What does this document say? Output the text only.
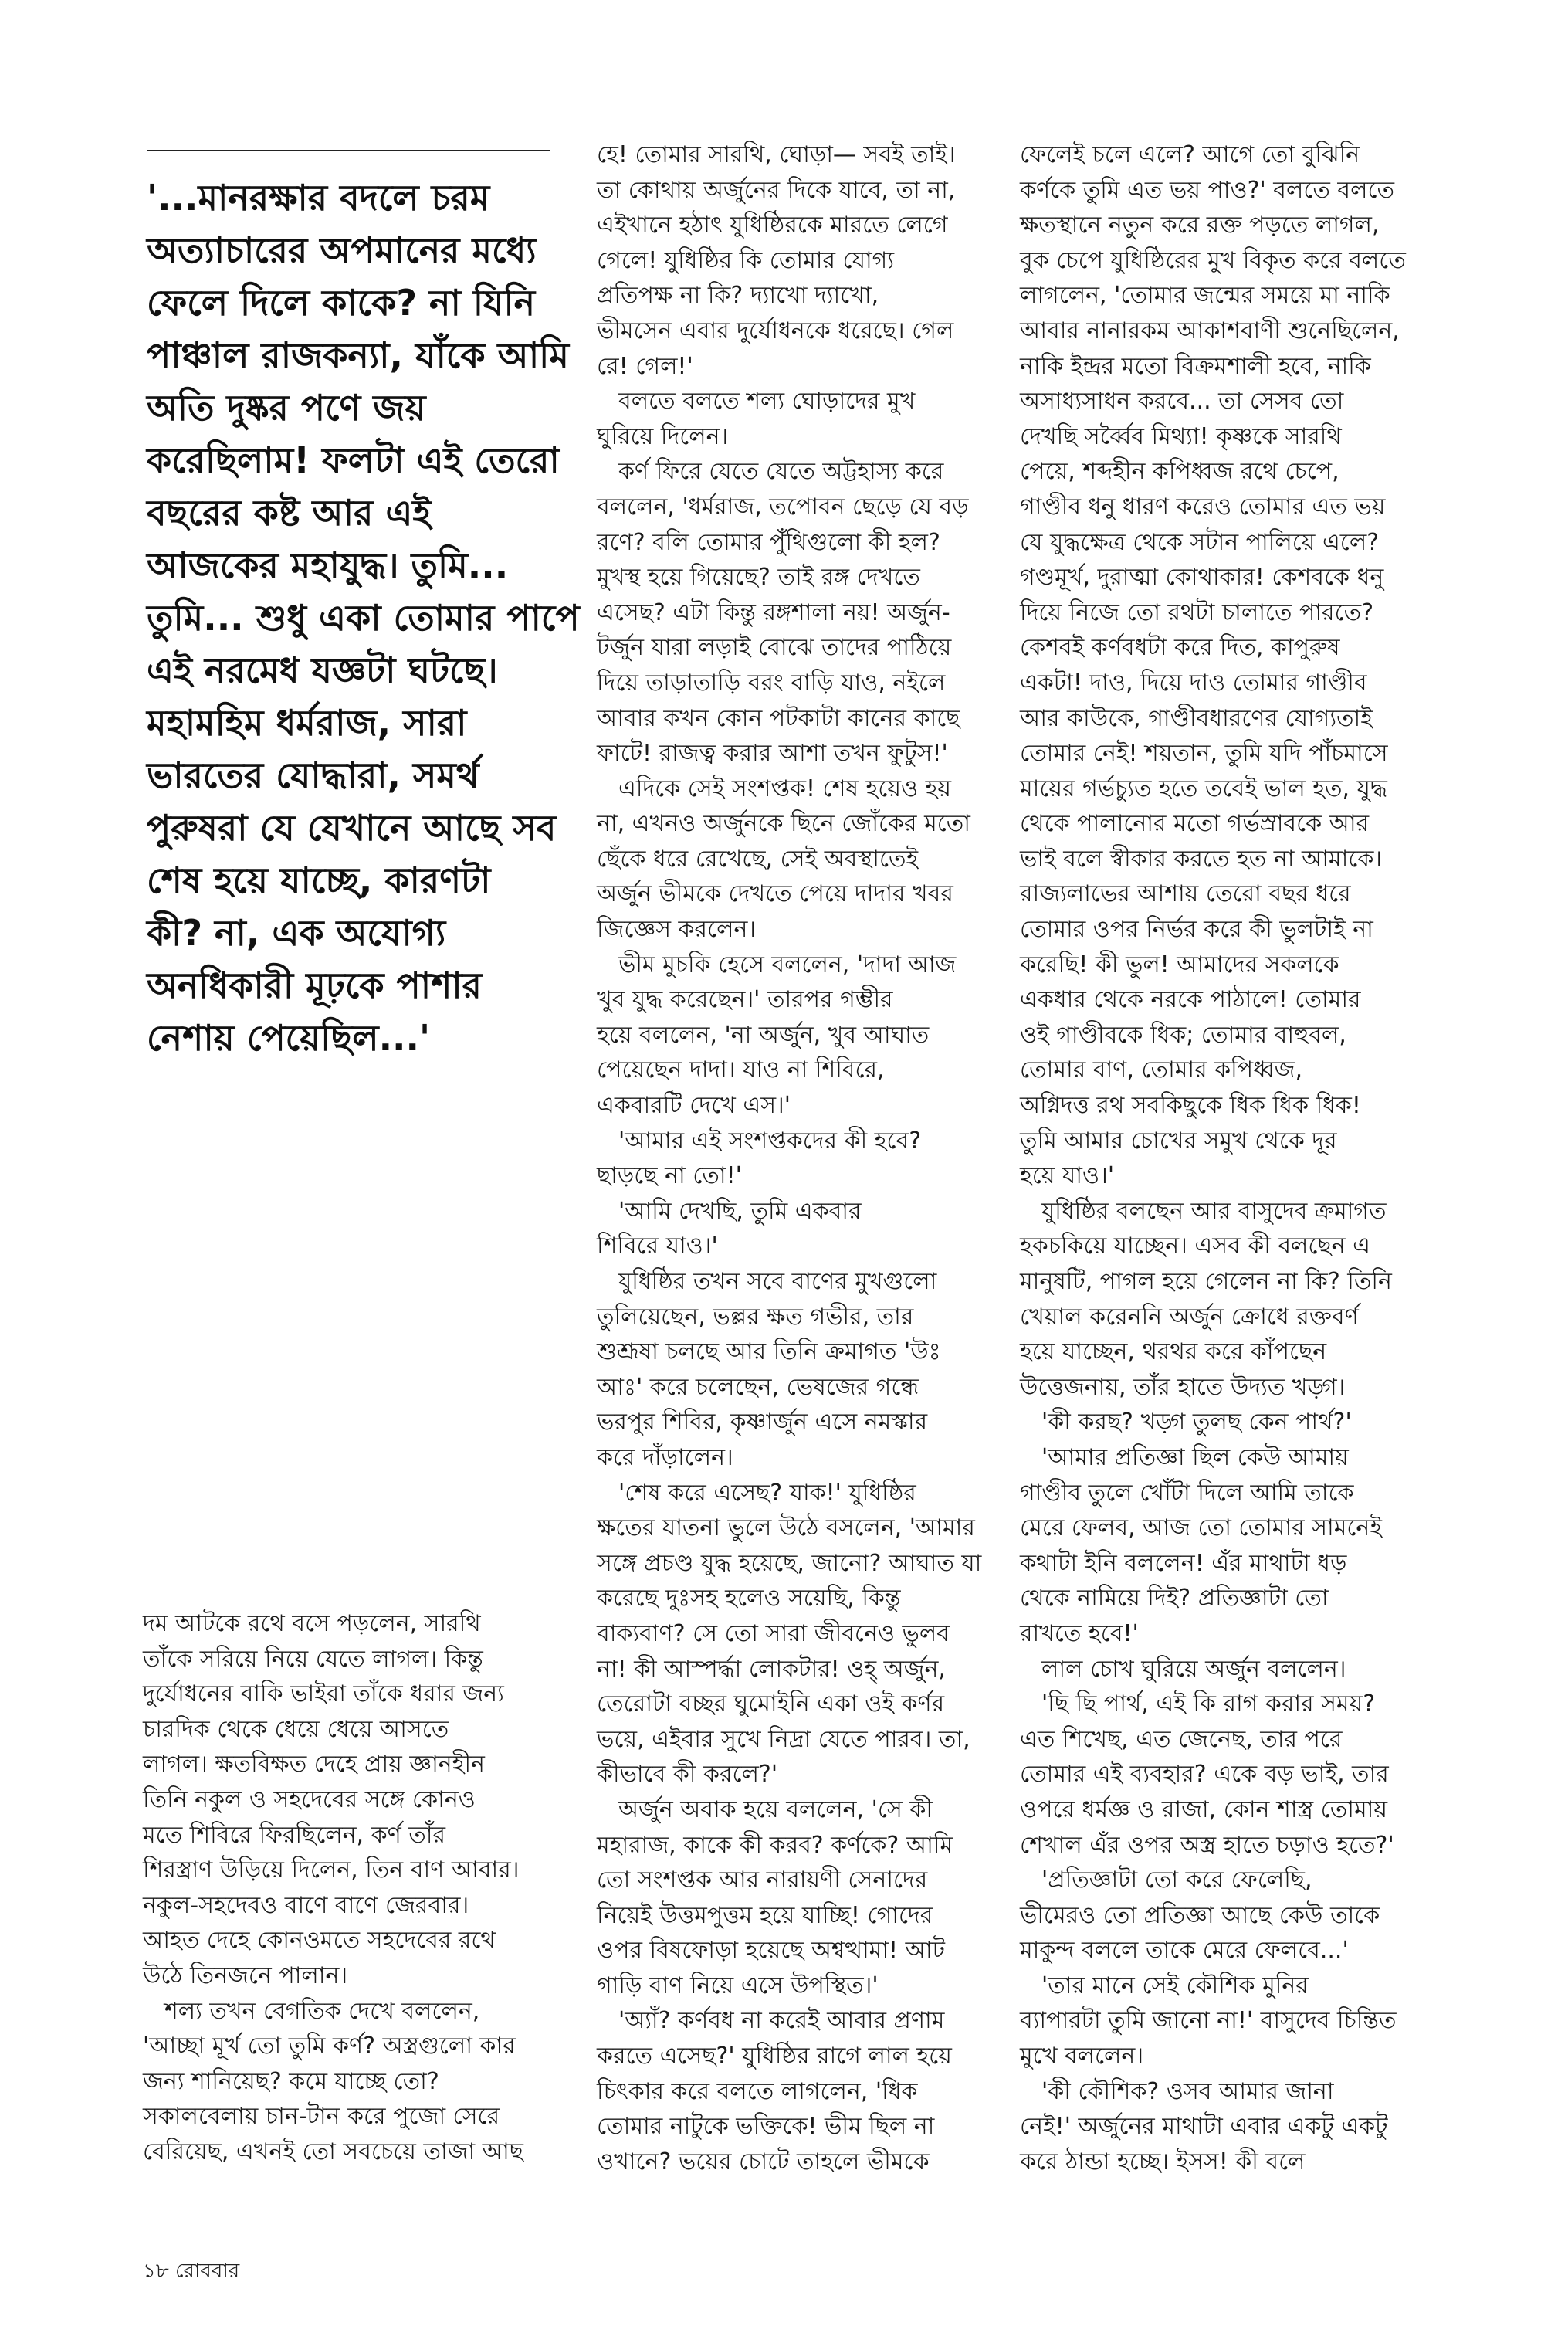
'...মানরক্ষার বদলে চরম
অত্যাচারের অপমানের মধ্যে
ফেলে দিলে কাকে? না যিনি
পাঞ্চাল রাজকন্যা, যাঁকে আমি
অতি দুষ্কর পণে জয়
করেছিলাম! ফলটা এই তেরো
বছরের কষ্ট আর এই
আজকের মহাযুদ্ধ। তুমি...
তুমি... শুধু একা তোমার পাপে
এই নরমেধ যজ্ঞটা ঘটছে।
মহামহিম ধর্মরাজ, সারা
ভারতের যোদ্ধারা, সমর্থ
পুরুষরা যে যেখানে আছে সব
শেষ হয়ে যাচ্ছে, কারণটা
কী? না, এক অযোগ্য
অনধিকারী মূঢ়কে পাশার
নেশায় পেয়েছিল...'
দম আটকে রথে বসে পড়লেন, সারথি
তাঁকে সরিয়ে নিয়ে যেতে লাগল। কিন্তু
দুর্যোধনের বাকি ভাইরা তাঁকে ধরার জন্য
চারদিক থেকে ধেয়ে ধেয়ে আসতে
লাগল। ক্ষতবিক্ষত দেহে প্রায় জ্ঞানহীন
তিনি নকুল ও সহদেবের সঙ্গে কোনও
মতে শিবিরে ফিরছিলেন, কর্ণ তাঁর
শিরস্ত্রাণ উড়িয়ে দিলেন, তিন বাণ আবার।
নকুল-সহদেবও বাণে বাণে জেরবার।
আহত দেহে কোনওমতে সহদেবের রথে
উঠে তিনজনে পালান।
শল্য তখন বেগতিক দেখে বললেন,
'আচ্ছা মূর্খ তো তুমি কর্ণ? অস্ত্রগুলো কার
জন্য শানিয়েছ? কমে যাচ্ছে তো?
সকালবেলায় চান-টান করে পুজো সেরে
বেরিয়েছ, এখনই তো সবচেয়ে তাজা আছ
হে! তোমার সারথি, ঘোড়া— সবই তাই।
তা কোথায় অর্জুনের দিকে যাবে, তা না,
এইখানে হঠাৎ যুধিষ্ঠিরকে মারতে লেগে
গেলে! যুধিষ্ঠির কি তোমার যোগ্য
প্রতিপক্ষ না কি? দ্যাখো দ্যাখো,
ভীমসেন এবার দুর্যোধনকে ধরেছে। গেল
রে! গেল!'
বলতে বলতে শল্য ঘোড়াদের মুখ
ঘুরিয়ে দিলেন।
কর্ণ ফিরে যেতে যেতে অট্টহাস্য করে
বললেন, 'ধর্মরাজ, তপোবন ছেড়ে যে বড়
রণে? বলি তোমার পুঁথিগুলো কী হল?
মুখস্থ হয়ে গিয়েছে? তাই রঙ্গ দেখতে
এসেছ? এটা কিন্তু রঙ্গশালা নয়! অর্জুন-
টর্জুন যারা লড়াই বোঝে তাদের পাঠিয়ে
দিয়ে তাড়াতাড়ি বরং বাড়ি যাও, নইলে
আবার কখন কোন পটকাটা কানের কাছে
ফাটে! রাজত্ব করার আশা তখন ফুটুস!'
এদিকে সেই সংশপ্তক! শেষ হয়েও হয়
না, এখনও অর্জুনকে ছিনে জোঁকের মতো
ছেঁকে ধরে রেখেছে, সেই অবস্থাতেই
অর্জুন ভীমকে দেখতে পেয়ে দাদার খবর
জিজ্ঞেস করলেন।
ভীম মুচকি হেসে বললেন, 'দাদা আজ
খুব যুদ্ধ করেছেন।' তারপর গম্ভীর
হয়ে বললেন, 'না অর্জুন, খুব আঘাত
পেয়েছেন দাদা। যাও না শিবিরে,
একবারটি দেখে এস।'
'আমার এই সংশপ্তকদের কী হবে?
ছাড়ছে না তো!'
'আমি দেখছি, তুমি একবার
শিবিরে যাও।'
যুধিষ্ঠির তখন সবে বাণের মুখগুলো
তুলিয়েছেন, ভল্লর ক্ষত গভীর, তার
শুশ্রূষা চলছে আর তিনি ক্রমাগত 'উঃ
আঃ' করে চলেছেন, ভেষজের গন্ধে
ভরপুর শিবির, কৃষ্ণার্জুন এসে নমস্কার
করে দাঁড়ালেন।
'শেষ করে এসেছ? যাক!' যুধিষ্ঠির
ক্ষতের যাতনা ভুলে উঠে বসলেন, 'আমার
সঙ্গে প্রচণ্ড যুদ্ধ হয়েছে, জানো? আঘাত যা
করেছে দুঃসহ হলেও সয়েছি, কিন্তু
বাক্যবাণ? সে তো সারা জীবনেও ভুলব
না! কী আস্পর্দ্ধা লোকটার! ওহ্ অর্জুন,
তেরোটা বচ্ছর ঘুমোইনি একা ওই কর্ণর
ভয়ে, এইবার সুখে নিদ্রা যেতে পারব। তা,
কীভাবে কী করলে?'
অর্জুন অবাক হয়ে বললেন, 'সে কী
মহারাজ, কাকে কী করব? কর্ণকে? আমি
তো সংশপ্তক আর নারায়ণী সেনাদের
নিয়েই উত্তমপুত্তম হয়ে যাচ্ছি! গোদের
ওপর বিষফোড়া হয়েছে অশ্বত্থামা! আট
গাড়ি বাণ নিয়ে এসে উপস্থিত।'
'অ্যাঁ? কর্ণবধ না করেই আবার প্রণাম
করতে এসেছ?' যুধিষ্ঠির রাগে লাল হয়ে
চিৎকার করে বলতে লাগলেন, 'ধিক
তোমার নাটুকে ভক্তিকে! ভীম ছিল না
ওখানে? ভয়ের চোটে তাহলে ভীমকে
ফেলেই চলে এলে? আগে তো বুঝিনি
কর্ণকে তুমি এত ভয় পাও?' বলতে বলতে
ক্ষতস্থানে নতুন করে রক্ত পড়তে লাগল,
বুক চেপে যুধিষ্ঠিরের মুখ বিকৃত করে বলতে
লাগলেন, 'তোমার জন্মের সময়ে মা নাকি
আবার নানারকম আকাশবাণী শুনেছিলেন,
নাকি ইন্দ্রর মতো বিক্রমশালী হবে, নাকি
অসাধ্যসাধন করবে... তা সেসব তো
দেখছি সর্ব্বৈব মিথ্যা! কৃষ্ণকে সারথি
পেয়ে, শব্দহীন কপিধ্বজ রথে চেপে,
গাণ্ডীব ধনু ধারণ করেও তোমার এত ভয়
যে যুদ্ধক্ষেত্র থেকে সটান পালিয়ে এলে?
গণ্ডমূর্খ, দুরাত্মা কোথাকার! কেশবকে ধনু
দিয়ে নিজে তো রথটা চালাতে পারতে?
কেশবই কর্ণবধটা করে দিত, কাপুরুষ
একটা! দাও, দিয়ে দাও তোমার গাণ্ডীব
আর কাউকে, গাণ্ডীবধারণের যোগ্যতাই
তোমার নেই! শয়তান, তুমি যদি পাঁচমাসে
মায়ের গর্ভচ্যুত হতে তবেই ভাল হত, যুদ্ধ
থেকে পালানোর মতো গর্ভস্রাবকে আর
ভাই বলে স্বীকার করতে হত না আমাকে।
রাজ্যলাভের আশায় তেরো বছর ধরে
তোমার ওপর নির্ভর করে কী ভুলটাই না
করেছি! কী ভুল! আমাদের সকলকে
একধার থেকে নরকে পাঠালে! তোমার
ওই গাণ্ডীবকে ধিক; তোমার বাহুবল,
তোমার বাণ, তোমার কপিধ্বজ,
অগ্নিদত্ত রথ সবকিছুকে ধিক ধিক ধিক!
তুমি আমার চোখের সমুখ থেকে দূর
হয়ে যাও।'
যুধিষ্ঠির বলছেন আর বাসুদেব ক্রমাগত
হকচকিয়ে যাচ্ছেন। এসব কী বলছেন এ
মানুষটি, পাগল হয়ে গেলেন না কি? তিনি
খেয়াল করেননি অর্জুন ক্রোধে রক্তবর্ণ
হয়ে যাচ্ছেন, থরথর করে কাঁপছেন
উত্তেজনায়, তাঁর হাতে উদ্যত খড়্গ।
'কী করছ? খড়্গ তুলছ কেন পার্থ?'
'আমার প্রতিজ্ঞা ছিল কেউ আমায়
গাণ্ডীব তুলে খোঁটা দিলে আমি তাকে
মেরে ফেলব, আজ তো তোমার সামনেই
কথাটা ইনি বললেন! এঁর মাথাটা ধড়
থেকে নামিয়ে দিই? প্রতিজ্ঞাটা তো
রাখতে হবে!'
লাল চোখ ঘুরিয়ে অর্জুন বললেন।
'ছি ছি পার্থ, এই কি রাগ করার সময়?
এত শিখেছ, এত জেনেছ, তার পরে
তোমার এই ব্যবহার? একে বড় ভাই, তার
ওপরে ধর্মজ্ঞ ও রাজা, কোন শাস্ত্র তোমায়
শেখাল এঁর ওপর অস্ত্র হাতে চড়াও হতে?'
'প্রতিজ্ঞাটা তো করে ফেলেছি,
ভীমেরও তো প্রতিজ্ঞা আছে কেউ তাকে
মাকুন্দ বললে তাকে মেরে ফেলবে...'
'তার মানে সেই কৌশিক মুনির
ব্যাপারটা তুমি জানো না!' বাসুদেব চিন্তিত
মুখে বললেন।
'কী কৌশিক? ওসব আমার জানা
নেই!' অর্জুনের মাথাটা এবার একটু একটু
করে ঠান্ডা হচ্ছে। ইসস! কী বলে
১৮ রোববার
